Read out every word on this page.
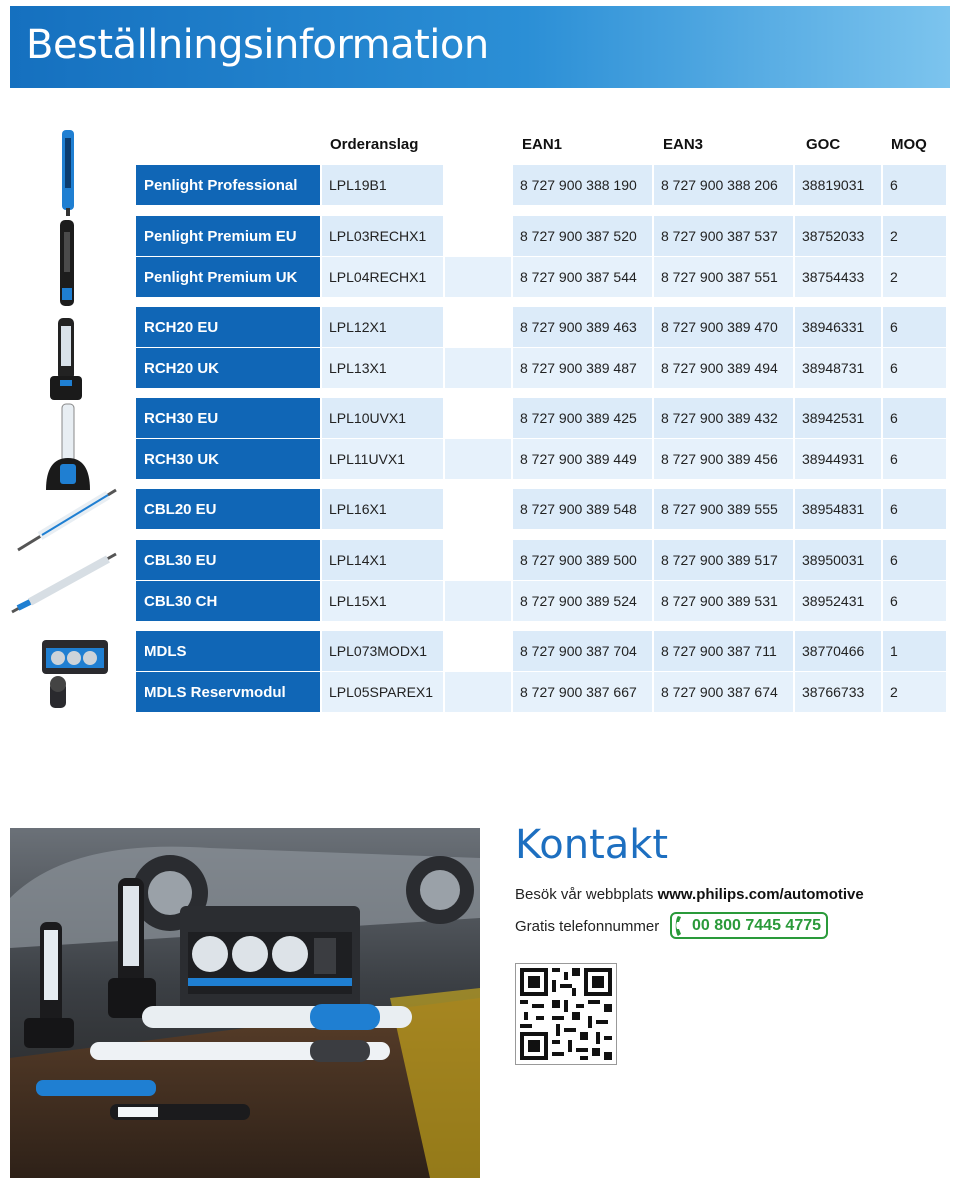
Beställningsinformation
Orderanslag	EAN1	EAN3	GOC	MOQ
Penlight Professional	LPL19B1	8 727 900 388 190	8 727 900 388 206	38819031	6
Penlight Premium EU	LPL03RECHX1	8 727 900 387 520	8 727 900 387 537	38752033	2
Penlight Premium UK	LPL04RECHX1	8 727 900 387 544	8 727 900 387 551	38754433	2
RCH20 EU	LPL12X1	8 727 900 389 463	8 727 900 389 470	38946331	6
RCH20 UK	LPL13X1	8 727 900 389 487	8 727 900 389 494	38948731	6
RCH30 EU	LPL10UVX1	8 727 900 389 425	8 727 900 389 432	38942531	6
RCH30 UK	LPL11UVX1	8 727 900 389 449	8 727 900 389 456	38944931	6
CBL20 EU	LPL16X1	8 727 900 389 548	8 727 900 389 555	38954831	6
CBL30 EU	LPL14X1	8 727 900 389 500	8 727 900 389 517	38950031	6
CBL30 CH	LPL15X1	8 727 900 389 524	8 727 900 389 531	38952431	6
MDLS	LPL073MODX1	8 727 900 387 704	8 727 900 387 711	38770466	1
MDLS Reservmodul	LPL05SPAREX1	8 727 900 387 667	8 727 900 387 674	38766733	2
Kontakt
Besök vår webbplats www.philips.com/automotive
Gratis telefonnummer 00 800 7445 4775
